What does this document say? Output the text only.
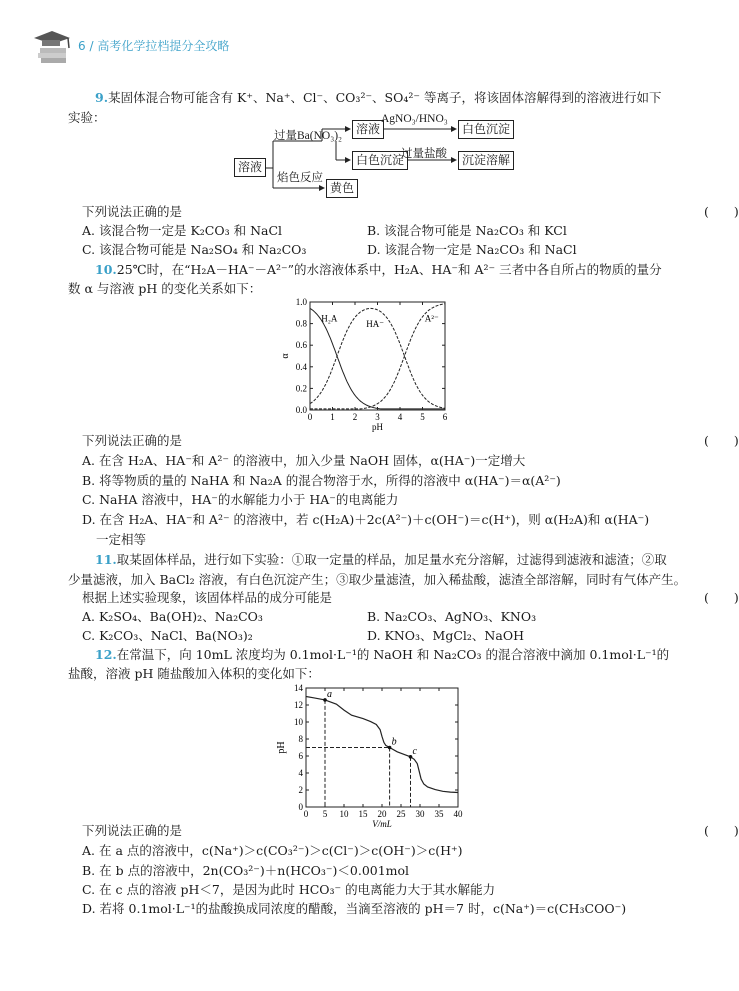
6 / 高考化学拉档提分全攻略
9.某固体混合物可能含有 K⁺、Na⁺、Cl⁻、CO₃²⁻、SO₄²⁻ 等离子，将该固体溶解得到的溶液进行如下
实验：
溶液
过量Ba(NO₃)₂	溶液
AgNO₃/HNO₃
白色沉淀
白色沉淀
过量盐酸	沉淀溶解
焰色反应
黄色
下列说法正确的是	(　　)
A. 该混合物一定是 K₂CO₃ 和 NaCl	B. 该混合物可能是 Na₂CO₃ 和 KCl
C. 该混合物可能是 Na₂SO₄ 和 Na₂CO₃	D. 该混合物一定是 Na₂CO₃ 和 NaCl
10.25℃时，在“H₂A－HA⁻－A²⁻”的水溶液体系中，H₂A、HA⁻和 A²⁻ 三者中各自所占的物质的量分
数 α 与溶液 pH 的变化关系如下：
0 1 2 3 4 5 6
0.0
0.2
0.4
0.6
0.8
1.0
pH
α
H₂A
HA⁻
A²⁻
下列说法正确的是	(　　)
A. 在含 H₂A、HA⁻和 A²⁻ 的溶液中，加入少量 NaOH 固体，α(HA⁻)一定增大
B. 将等物质的量的 NaHA 和 Na₂A 的混合物溶于水，所得的溶液中 α(HA⁻)＝α(A²⁻)
C. NaHA 溶液中，HA⁻的水解能力小于 HA⁻的电离能力
D. 在含 H₂A、HA⁻和 A²⁻ 的溶液中，若 c(H₂A)＋2c(A²⁻)＋c(OH⁻)＝c(H⁺)，则 α(H₂A)和 α(HA⁻)
一定相等
11.取某固体样品，进行如下实验：①取一定量的样品，加足量水充分溶解，过滤得到滤液和滤渣；②取
少量滤液，加入 BaCl₂ 溶液，有白色沉淀产生；③取少量滤渣，加入稀盐酸，滤渣全部溶解，同时有气体产生。
根据上述实验现象，该固体样品的成分可能是	(　　)
A. K₂SO₄、Ba(OH)₂、Na₂CO₃	B. Na₂CO₃、AgNO₃、KNO₃
C. K₂CO₃、NaCl、Ba(NO₃)₂	D. KNO₃、MgCl₂、NaOH
12.在常温下，向 10mL 浓度均为 0.1mol·L⁻¹的 NaOH 和 Na₂CO₃ 的混合溶液中滴加 0.1mol·L⁻¹的
盐酸，溶液 pH 随盐酸加入体积的变化如下：
0 5 10 15 20 25 30 35 40
0
2
4
6
8
10
12
14
V/mL
pH
a
b
c
下列说法正确的是	(　　)
A. 在 a 点的溶液中，c(Na⁺)＞c(CO₃²⁻)＞c(Cl⁻)＞c(OH⁻)＞c(H⁺)
B. 在 b 点的溶液中，2n(CO₃²⁻)＋n(HCO₃⁻)＜0.001mol
C. 在 c 点的溶液 pH＜7，是因为此时 HCO₃⁻ 的电离能力大于其水解能力
D. 若将 0.1mol·L⁻¹的盐酸换成同浓度的醋酸，当滴至溶液的 pH＝7 时，c(Na⁺)＝c(CH₃COO⁻)
